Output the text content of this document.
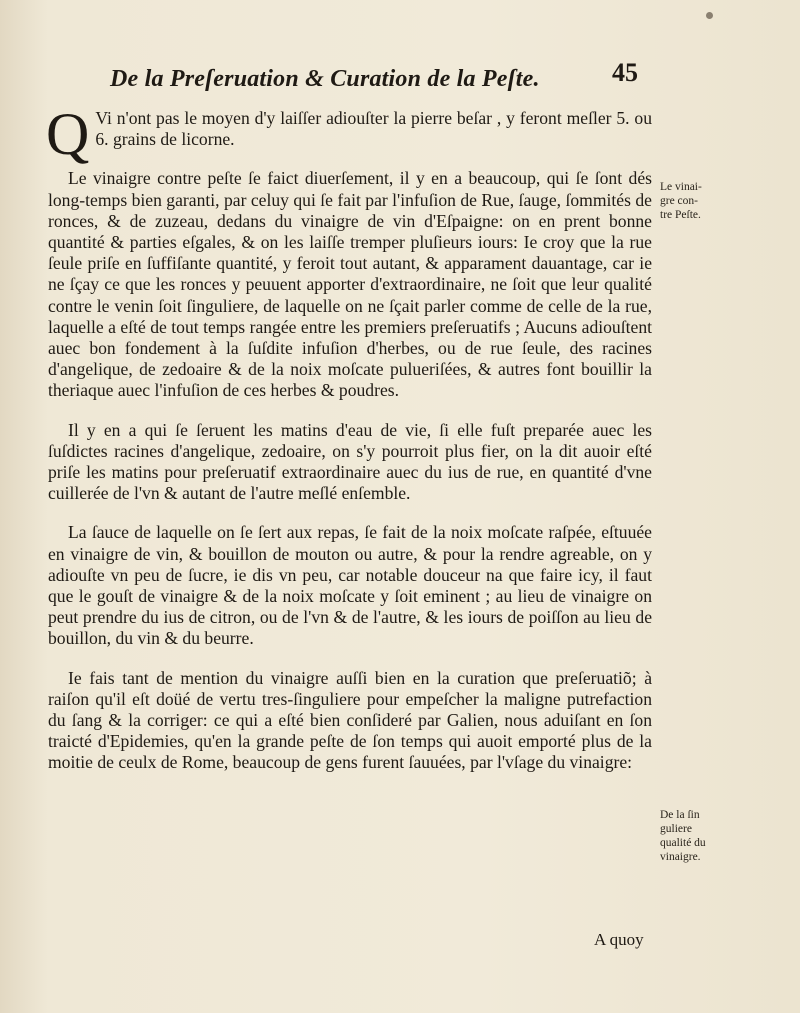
De la Preſeruation & Curation de la Peſte.	45

Q Vi n'ont pas le moyen d'y laiſſer adiouſter la pierre beſar , y feront meſler 5. ou 6. grains de licorne.

Le vinaigre contre peſte ſe faict diuerſement, il y en a beaucoup, qui ſe ſont dés long-temps bien garanti, par celuy qui ſe fait par l'infuſion de Rue, ſauge, ſommités de ronces, & de zuzeau, dedans du vinaigre de vin d'Eſpaigne: on en prent bonne quantité & parties eſgales, & on les laiſſe tremper pluſieurs iours: Ie croy que la rue ſeule priſe en ſuffiſante quantité, y feroit tout autant, & apparament dauantage, car ie ne ſçay ce que les ronces y peuuent apporter d'extraordinaire, ne ſoit que leur qualité contre le venin ſoit ſinguliere, de laquelle on ne ſçait parler comme de celle de la rue, laquelle a eſté de tout temps rangée entre les premiers preſeruatifs ; Aucuns adiouſtent auec bon fondement à la ſuſdite infuſion d'herbes, ou de rue ſeule, des racines d'angelique, de zedoaire & de la noix moſcate pulueriſées, & autres font bouillir la theriaque auec l'infuſion de ces herbes & poudres.

Il y en a qui ſe ſeruent les matins d'eau de vie, ſi elle fuſt preparée auec les ſuſdictes racines d'angelique, zedoaire, on s'y pourroit plus fier, on la dit auoir eſté priſe les matins pour preſeruatif extraordinaire auec du ius de rue, en quantité d'vne cuillerée de l'vn & autant de l'autre meſlé enſemble.

La ſauce de laquelle on ſe ſert aux repas, ſe fait de la noix moſcate raſpée, eſtuuée en vinaigre de vin, & bouillon de mouton ou autre, & pour la rendre agreable, on y adiouſte vn peu de ſucre, ie dis vn peu, car notable douceur na que faire icy, il faut que le gouſt de vinaigre & de la noix moſcate y ſoit eminent ; au lieu de vinaigre on peut prendre du ius de citron, ou de l'vn & de l'autre, & les iours de poiſſon au lieu de bouillon, du vin & du beurre.

Ie fais tant de mention du vinaigre auſſi bien en la curation que preſeruatiõ; à raiſon qu'il eſt doüé de vertu tres-ſinguliere pour empeſcher la maligne putrefaction du ſang & la corriger: ce qui a eſté bien conſideré par Galien, nous aduiſant en ſon traicté d'Epidemies, qu'en la grande peſte de ſon temps qui auoit emporté plus de la moitie de ceulx de Rome, beaucoup de gens furent ſauuées, par l'vſage du vinaigre:

Le vinai-
gre con-
tre Peſte.
De la ſin
guliere
qualité du
vinaigre.
A quoy
